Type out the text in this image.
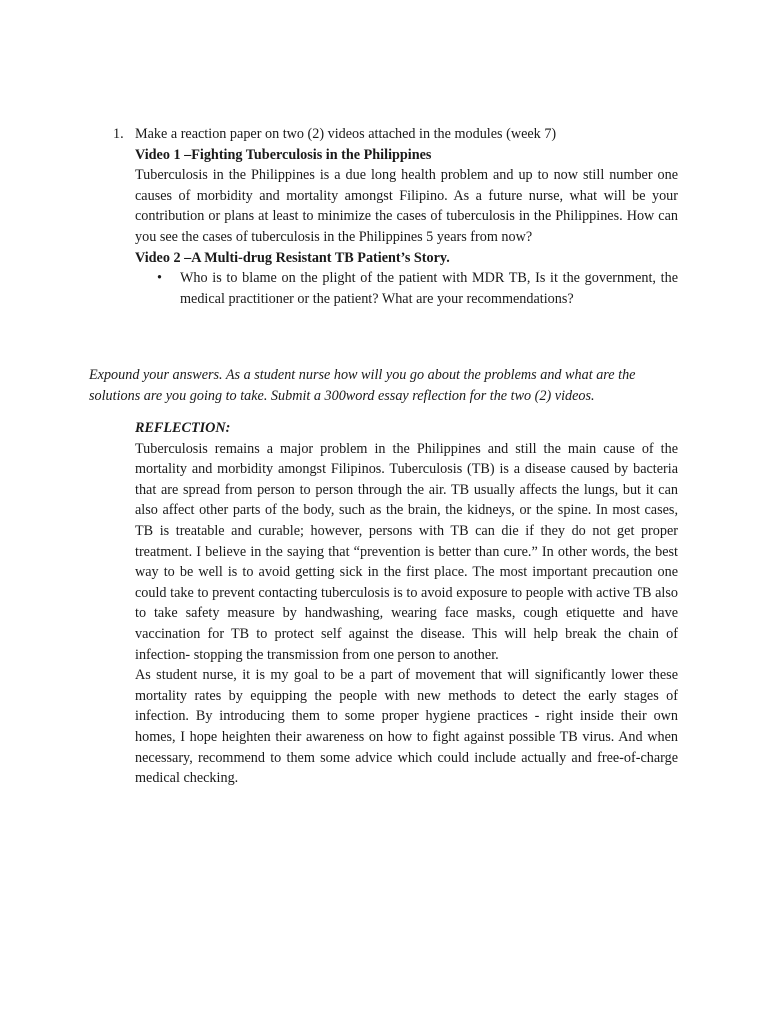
1. Make a reaction paper on two (2) videos attached in the modules (week 7)
Video 1 –Fighting Tuberculosis in the Philippines
Tuberculosis in the Philippines is a due long health problem and up to now still number one causes of morbidity and mortality amongst Filipino. As a future nurse, what will be your contribution or plans at least to minimize the cases of tuberculosis in the Philippines. How can you see the cases of tuberculosis in the Philippines 5 years from now?
Video 2 –A Multi-drug Resistant TB Patient’s Story.
• Who is to blame on the plight of the patient with MDR TB, Is it the government, the medical practitioner or the patient? What are your recommendations?
Expound your answers. As a student nurse how will you go about the problems and what are the solutions are you going to take. Submit a 300word essay reflection for the two (2) videos.
REFLECTION:

Tuberculosis remains a major problem in the Philippines and still the main cause of the mortality and morbidity amongst Filipinos. Tuberculosis (TB) is a disease caused by bacteria that are spread from person to person through the air. TB usually affects the lungs, but it can also affect other parts of the body, such as the brain, the kidneys, or the spine. In most cases, TB is treatable and curable; however, persons with TB can die if they do not get proper treatment. I believe in the saying that “prevention is better than cure.” In other words, the best way to be well is to avoid getting sick in the first place. The most important precaution one could take to prevent contacting tuberculosis is to avoid exposure to people with active TB also to take safety measure by handwashing, wearing face masks, cough etiquette and have vaccination for TB to protect self against the disease. This will help break the chain of infection- stopping the transmission from one person to another.

As student nurse, it is my goal to be a part of movement that will significantly lower these mortality rates by equipping the people with new methods to detect the early stages of infection. By introducing them to some proper hygiene practices - right inside their own homes, I hope heighten their awareness on how to fight against possible TB virus. And when necessary, recommend to them some advice which could include actually and free-of-charge medical checking.
